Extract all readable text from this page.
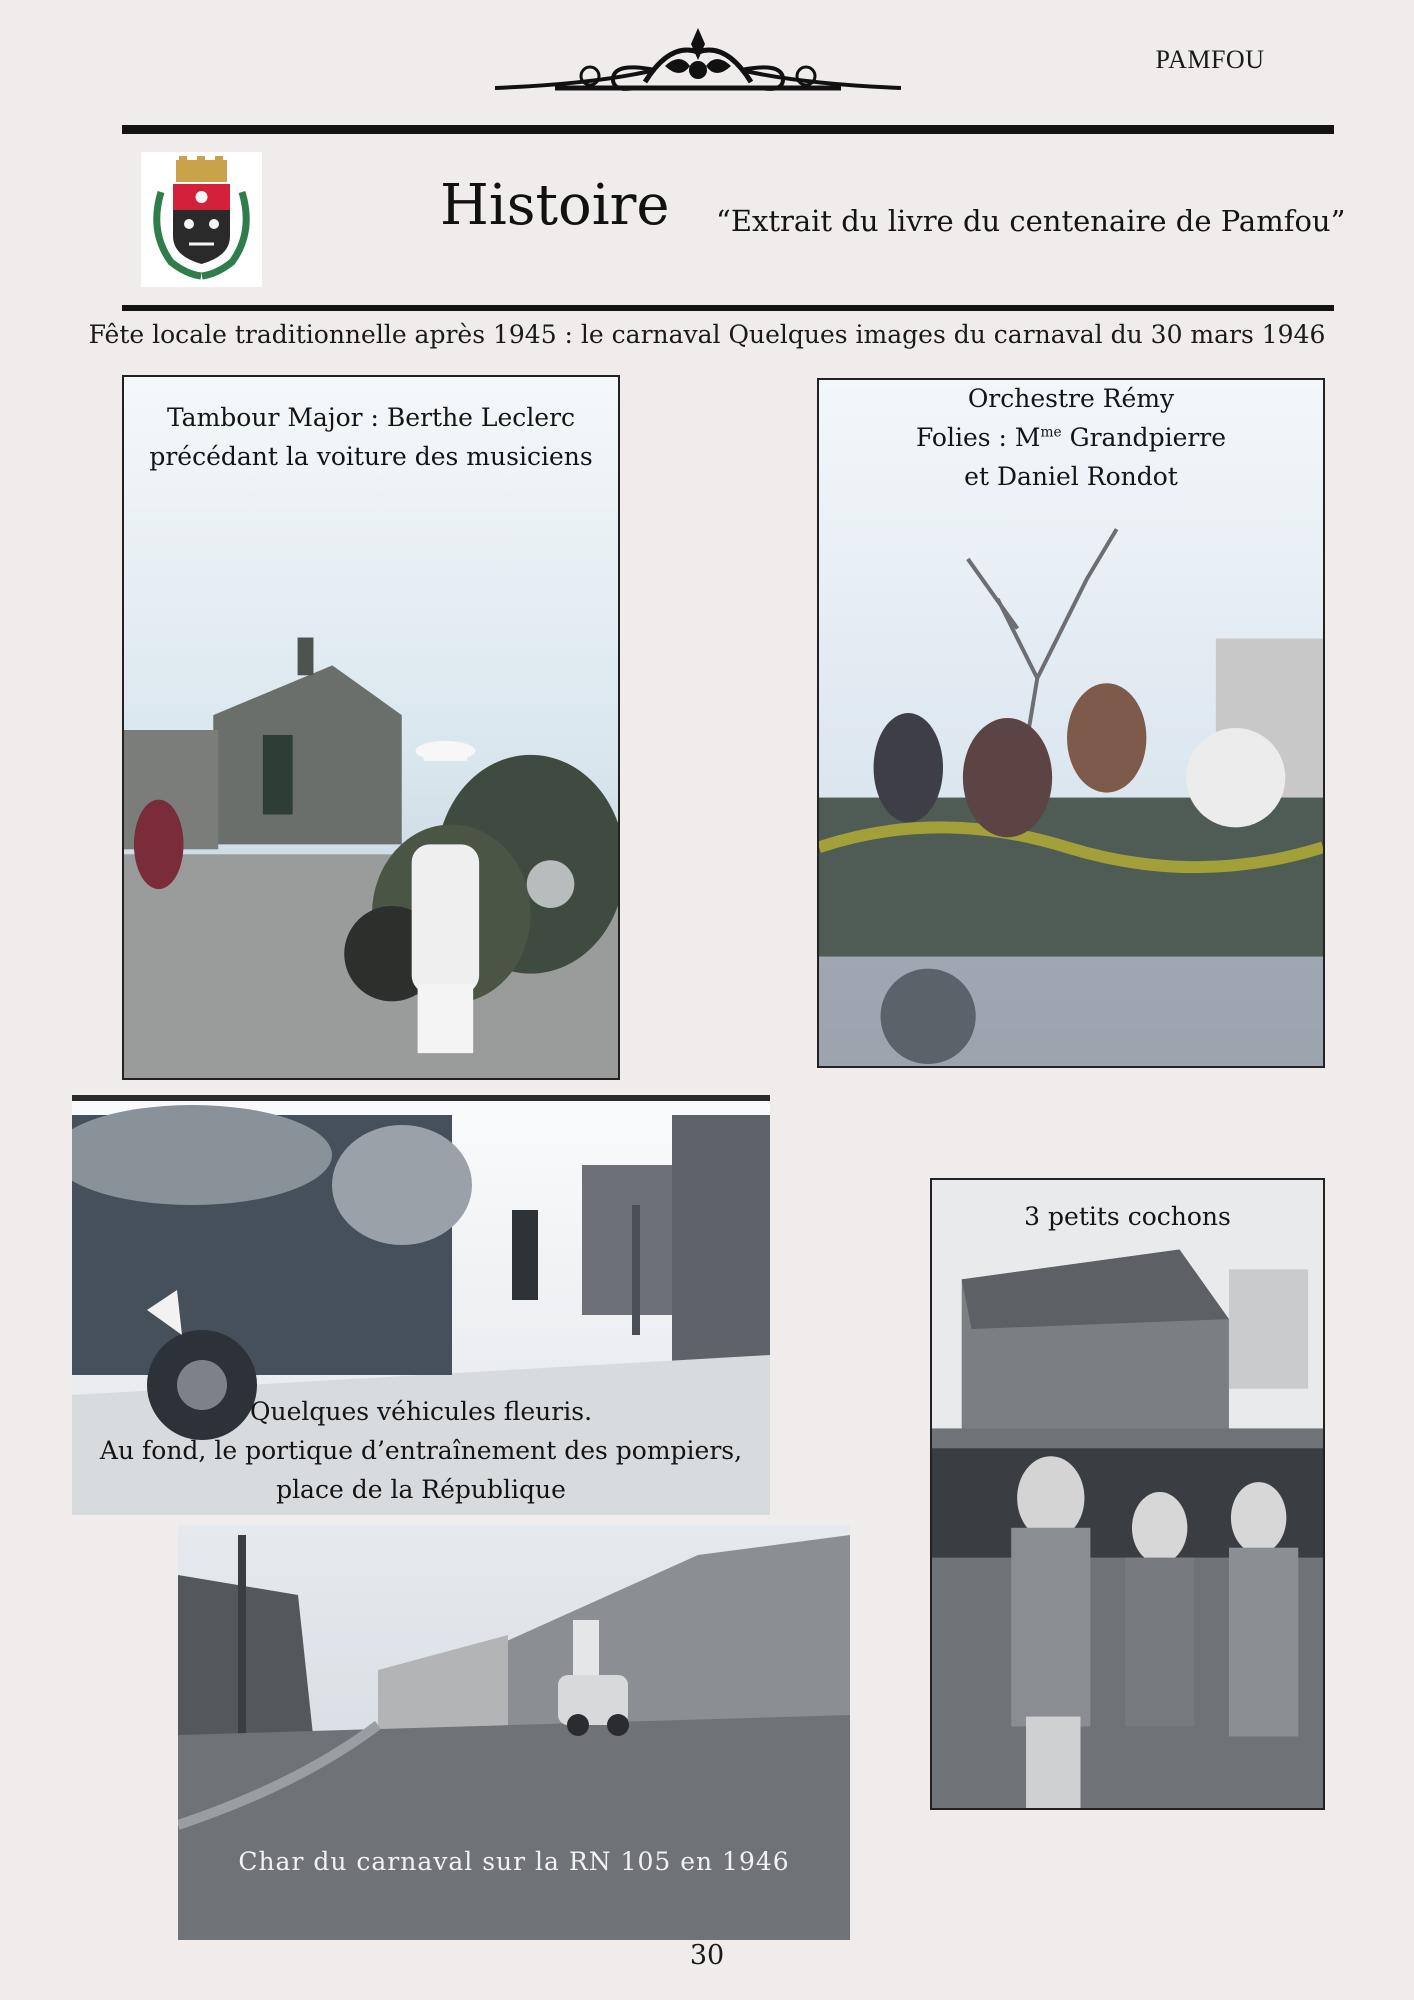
PAMFOU
Histoire “Extrait du livre du centenaire de Pamfou”
Fête locale traditionnelle après 1945 : le carnaval Quelques images du carnaval du 30 mars 1946
Tambour Major : Berthe Leclerc
précédant la voiture des musiciens
Orchestre Rémy
Folies : $M^{me}$ Grandpierre
et Daniel Rondot
Quelques véhicules fleuris.
Au fond, le portique d’entraînement des pompiers,
place de la République
3 petits cochons
Char du carnaval sur la RN 105 en 1946
30
